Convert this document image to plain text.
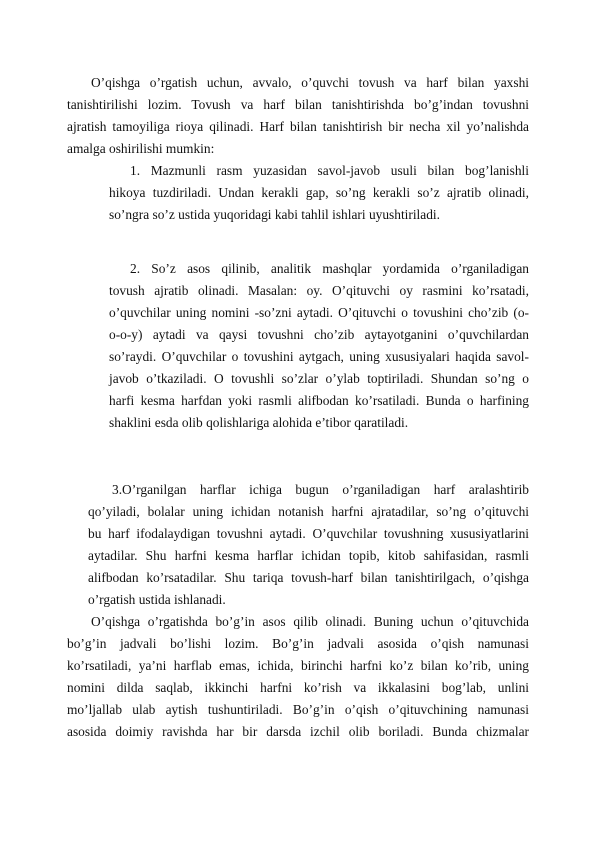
O’qishga o’rgatish uchun, avvalo, o’quvchi tovush va harf bilan yaxshi
tanishtirilishi lozim. Tovush va harf bilan tanishtirishda bo’g’indan tovushni
ajratish tamoyiliga rioya qilinadi. Harf bilan tanishtirish bir necha xil yo’nalishda
amalga oshirilishi mumkin:
1. Mazmunli rasm yuzasidan savol-javob usuli bilan bog’lanishli
hikoya tuzdiriladi. Undan kerakli gap, so’ng kerakli so’z ajratib olinadi,
so’ngra so’z ustida yuqoridagi kabi tahlil ishlari uyushtiriladi.
2. So’z asos qilinib, analitik mashqlar yordamida o’rganiladigan
tovush ajratib olinadi. Masalan: oy. O’qituvchi oy rasmini ko’rsatadi,
o’quvchilar uning nomini -so’zni aytadi. O’qituvchi o tovushini cho’zib (o-
o-o-y) aytadi va qaysi tovushni cho’zib aytayotganini o’quvchilardan
so’raydi. O’quvchilar o tovushini aytgach, uning xususiyalari haqida savol-
javob o’tkaziladi. O tovushli so’zlar o’ylab toptiriladi. Shundan so’ng o
harfi kesma harfdan yoki rasmli alifbodan ko’rsatiladi. Bunda o harfining
shaklini esda olib qolishlariga alohida e’tibor qaratiladi.
3.O’rganilgan harflar ichiga bugun o’rganiladigan harf aralashtirib
qo’yiladi, bolalar uning ichidan notanish harfni ajratadilar, so’ng o’qituvchi
bu harf ifodalaydigan tovushni aytadi. O’quvchilar tovushning xususiyatlarini
aytadilar. Shu harfni kesma harflar ichidan topib, kitob sahifasidan, rasmli
alifbodan ko’rsatadilar. Shu tariqa tovush-harf bilan tanishtirilgach, o’qishga
o’rgatish ustida ishlanadi.
O’qishga o’rgatishda bo’g’in asos qilib olinadi. Buning uchun o’qituvchida
bo’g’in jadvali bo’lishi lozim. Bo’g’in jadvali asosida o’qish namunasi
ko’rsatiladi, ya’ni harflab emas, ichida, birinchi harfni ko’z bilan ko’rib, uning
nomini dilda saqlab, ikkinchi harfni ko’rish va ikkalasini bog’lab, unlini
mo’ljallab ulab aytish tushuntiriladi. Bo’g’in o’qish o’qituvchining namunasi
asosida doimiy ravishda har bir darsda izchil olib boriladi. Bunda chizmalar
